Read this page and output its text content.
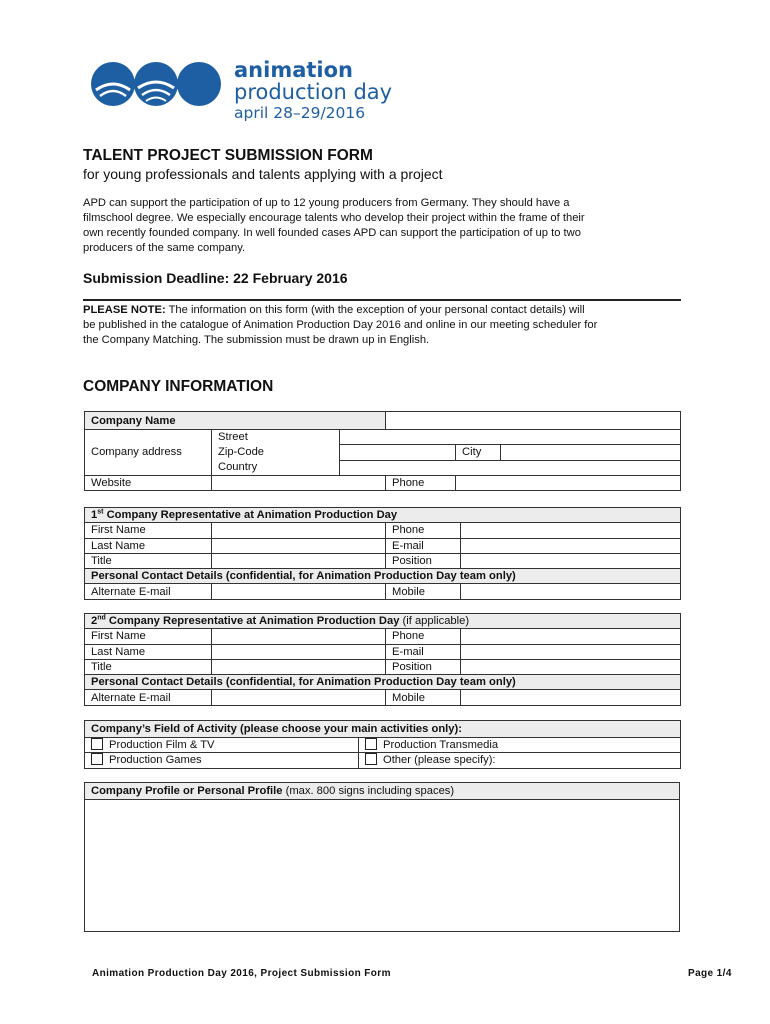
animation
production day
april 28–29/2016
TALENT PROJECT SUBMISSION FORM
for young professionals and talents applying with a project
APD can support the participation of up to 12 young producers from Germany. They should have a
filmschool degree. We especially encourage talents who develop their project within the frame of their
own recently founded company. In well founded cases APD can support the participation of up to two
producers of the same company.
Submission Deadline: 22 February 2016
PLEASE NOTE: The information on this form (with the exception of your personal contact details) will
be published in the catalogue of Animation Production Day 2016 and online in our meeting scheduler for
the Company Matching. The submission must be drawn up in English.
COMPANY INFORMATION
Company Name					
Company address	Street				
	Zip-Code			City	
	Country				
Website			Phone		
1st Company Representative at Animation Production Day			
First Name		Phone	
Last Name		E-mail	
Title		Position	
Personal Contact Details (confidential, for Animation Production Day team only)			
Alternate E-mail		Mobile	
2nd Company Representative at Animation Production Day (if applicable)			
First Name		Phone	
Last Name		E-mail	
Title		Position	
Personal Contact Details (confidential, for Animation Production Day team only)			
Alternate E-mail		Mobile	
Company’s Field of Activity (please choose your main activities only):	
Production Film & TV	Production Transmedia
Production Games	Other (please specify):
Company Profile or Personal Profile (max. 800 signs including spaces)

Animation Production Day 2016, Project Submission Form	Page 1/4
